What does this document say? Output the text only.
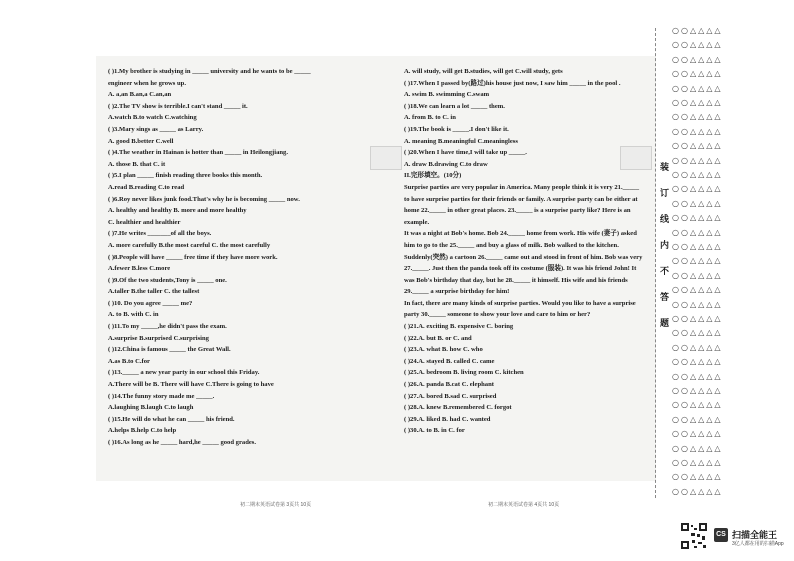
( )1.My brother is studying in _____ university and he wants to be _____
engineer when he grows up.
A. a,an B.an,a C.an,an
( )2.The TV show is terrible.I can't stand _____ it.
A.watch B.to watch C.watching
( )3.Mary sings as _____ as Larry.
A. good B.better C.well
( )4.The weather in Hainan is hotter than _____ in Heilongjiang.
A. those B. that C. it
( )5.I plan _____ finish reading three books this month.
A.read B.reading C.to read
( )6.Roy never likes junk food.That's why he is becoming _____ now.
A. healthy and healthy B. more and more healthy
C. healthier and healthier
( )7.He writes _______of all the boys.
A. more carefully B.the most careful C. the most carefully
( )8.People will have _____ free time if they have more work.
A.fewer B.less C.more
( )9.Of the two students,Tony is _____ one.
A.taller B.the taller C. the tallest
( )10. Do you agree _____ me?
A. to B. with C. in
( )11.To my _____,he didn't pass the exam.
A.surprise B.surprised C.surprising
( )12.China is famous _____ the Great Wall.
A.as B.to C.for
( )13._____ a new year party in our school this Friday.
A.There will be B. There will have C.There is going to have
( )14.The funny story made me _____.
A.laughing B.laugh C.to laugh
( )15.He will do what he can _____ his friend.
A.helps B.help C.to help
( )16.As long as he _____ hard,he _____ good grades.
A. will study, will get B.studies, will get C.will study, gets
( )17.When I passed by(路过)his house just now, I saw him _____ in the pool .
A. swim B. swimming C.swam
( )18.We can learn a lot _____ them.
A. from B. to C. in
( )19.The book is _____.I don't like it.
A. meaning B.meaningful C.meaningless
( )20.When I have time,I will take up _____.
A. draw B.drawing C.to draw
II.完形填空。(10分)
Surprise parties are very popular in America. Many people think it is very 21._____ to have surprise parties for their friends or family. A surprise party can be either at home 22._____ in other great places. 23._____ is a surprise party like? Here is an example.
It was a night at Bob's home. Bob 24._____ home from work. His wife (妻子) asked him to go to the 25._____ and buy a glass of milk. Bob walked to the kitchen. Suddenly(突然) a cartoon 26._____ came out and stood in front of him. Bob was very 27._____. Just then the panda took off its costume (服装). It was his friend John! It was Bob's birthday that day, but he 28._____ it himself. His wife and his friends 29._____ a surprise birthday for him!
In fact, there are many kinds of surprise parties. Would you like to have a surprise party 30._____ someone to show your love and care to him or her?
( )21.A. exciting B. expensive C. boring
( )22.A. but B. or C. and
( )23.A. what B. how C. who
( )24.A. stayed B. called C. came
( )25.A. bedroom B. living room C. kitchen
( )26.A. panda B.cat C. elephant
( )27.A. bored B.sad C. surprised
( )28.A. knew B.remembered C. forgot
( )29.A. liked B. had C. wanted
( )30.A. to B. in C. for
初二期末英语试卷第 3页共 10页	初二期末英语试卷第 4页共 10页
装
订
线
内
不
答
题
○○△△△△
○○△△△△
○○△△△△
○○△△△△
○○△△△△
○○△△△△
○○△△△△
○○△△△△
○○△△△△
○○△△△△
○○△△△△
○○△△△△
○○△△△△
○○△△△△
○○△△△△
○○△△△△
○○△△△△
○○△△△△
○○△△△△
○○△△△△
○○△△△△
○○△△△△
○○△△△△
○○△△△△
○○△△△△
○○△△△△
○○△△△△
○○△△△△
○○△△△△
○○△△△△
○○△△△△
○○△△△△
○○△△△△
CS 扫描全能王
3亿人都在用的扫描App
